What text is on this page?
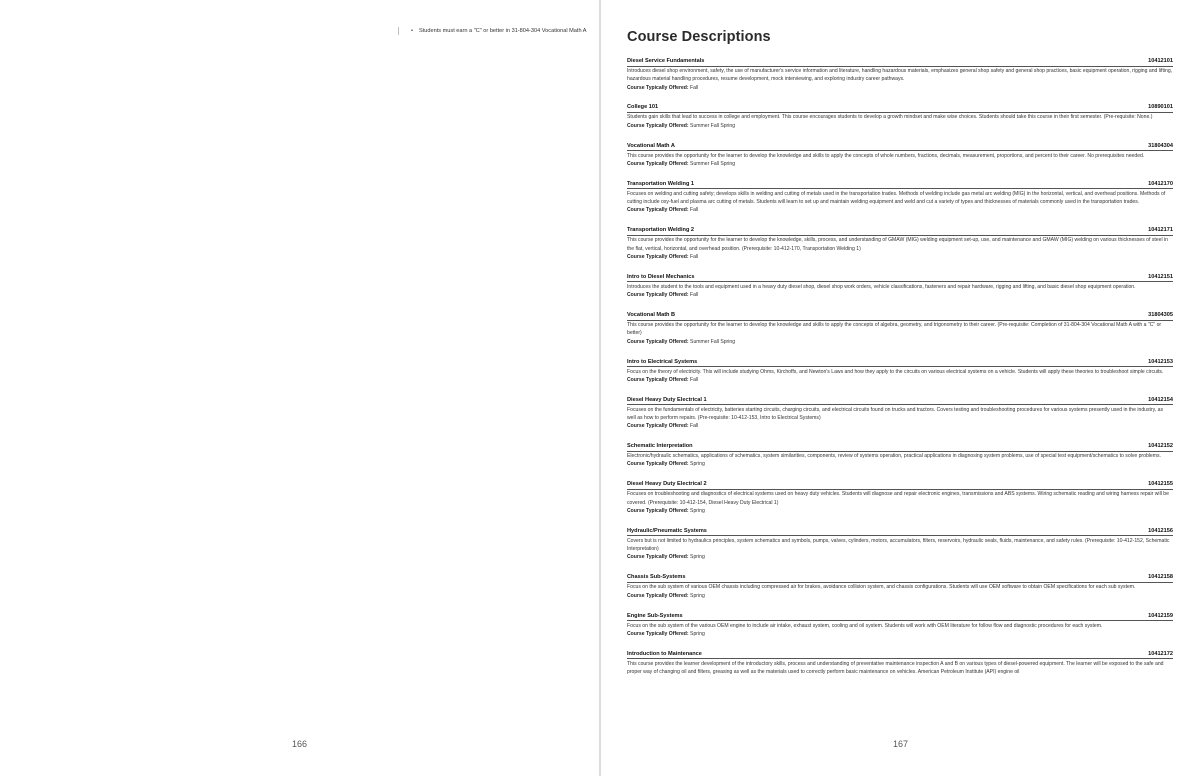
• Students must earn a "C" or better in 31-804-304 Vocational Math A
166
Course Descriptions
Diesel Service Fundamentals	10412101
Introduces diesel shop environment, safety, the use of manufacturer's service information and literature, handling hazardous materials, emphasizes general shop safety and general shop practices, basic equipment operation, rigging and lifting, hazardous material handling procedures, resume development, mock interviewing, and exploring industry career pathways.
Course Typically Offered: Fall
College 101	10890101
Students gain skills that lead to success in college and employment. This course encourages students to develop a growth mindset and make wise choices. Students should take this course in their first semester. (Pre-requisite: None.)
Course Typically Offered: Summer Fall Spring
Vocational Math A	31804304
This course provides the opportunity for the learner to develop the knowledge and skills to apply the concepts of whole numbers, fractions, decimals, measurement, proportions, and percent to their career. No prerequisites needed.
Course Typically Offered: Summer Fall Spring
Transportation Welding 1	10412170
Focuses on welding and cutting safety; develops skills in welding and cutting of metals used in the transportation trades. Methods of welding include gas metal arc welding (MIG) in the horizontal, vertical, and overhead positions. Methods of cutting include oxy-fuel and plasma arc cutting of metals. Students will learn to set up and maintain welding equipment and weld and cut a variety of types and thicknesses of materials commonly used in the transportation trades.
Course Typically Offered: Fall
Transportation Welding 2	10412171
This course provides the opportunity for the learner to develop the knowledge, skills, process, and understanding of GMAW (MIG) welding equipment set-up, use, and maintenance and GMAW (MIG) welding on various thicknesses of steel in the flat, vertical, horizontal, and overhead position. (Prerequisite: 10-412-170, Transportation Welding 1)
Course Typically Offered: Fall
Intro to Diesel Mechanics	10412151
Introduces the student to the tools and equipment used in a heavy duty diesel shop, diesel shop work orders, vehicle classifications, fasteners and repair hardware, rigging and lifting, and basic diesel shop equipment operation.
Course Typically Offered: Fall
Vocational Math B	31804305
This course provides the opportunity for the learner to develop the knowledge and skills to apply the concepts of algebra, geometry, and trigonometry to their career. (Pre-requisite: Completion of 31-804-304 Vocational Math A with a "C" or better)
Course Typically Offered: Summer Fall Spring
Intro to Electrical Systems	10412153
Focus on the theory of electricity. This will include studying Ohms, Kirchoffs, and Newton's Laws and how they apply to the circuits on various electrical systems on a vehicle. Students will apply these theories to troubleshoot simple circuits.
Course Typically Offered: Fall
Diesel Heavy Duty Electrical 1	10412154
Focuses on the fundamentals of electricity, batteries starting circuits, charging circuits, and electrical circuits found on trucks and tractors. Covers testing and troubleshooting procedures for various systems presently used in the industry, as well as how to perform repairs. (Pre-requisite: 10-412-153, Intro to Electrical Systems)
Course Typically Offered: Fall
Schematic Interpretation	10412152
Electronic/hydraulic schematics, applications of schematics, system similarities, components, review of systems operation, practical applications in diagnosing system problems, use of special test equipment/schematics to solve problems.
Course Typically Offered: Spring
Diesel Heavy Duty Electrical 2	10412155
Focuses on troubleshooting and diagnostics of electrical systems used on heavy duty vehicles. Students will diagnose and repair electronic engines, transmissions and ABS systems. Wiring schematic reading and wiring harness repair will be covered. (Prerequisite: 10-412-154, Diesel Heavy Duty Electrical 1)
Course Typically Offered: Spring
Hydraulic/Pneumatic Systems	10412156
Covers but is not limited to hydraulics principles, system schematics and symbols, pumps, valves, cylinders, motors, accumulators, filters, reservoirs, hydraulic seals, fluids, maintenance, and safety rules. (Prerequisite: 10-412-152, Schematic Interpretation)
Course Typically Offered: Spring
Chassis Sub-Systems	10412158
Focus on the sub system of various OEM chassis including compressed air for brakes, avoidance collision system, and chassis configurations. Students will use OEM software to obtain OEM specifications for each sub system.
Course Typically Offered: Spring
Engine Sub-Systems	10412159
Focus on the sub system of the various OEM engine to include air intake, exhaust system, cooling and oil system. Students will work with OEM literature for follow flow and diagnostic procedures for each system.
Course Typically Offered: Spring
Introduction to Maintenance	10412172
This course provides the learner development of the introductory skills, process and understanding of preventative maintenance inspection A and B on various types of diesel-powered equipment. The learner will be exposed to the safe and proper way of changing oil and filters, greasing as well as the materials used to correctly perform basic maintenance on vehicles. American Petroleum Institute (API) engine oil
167
